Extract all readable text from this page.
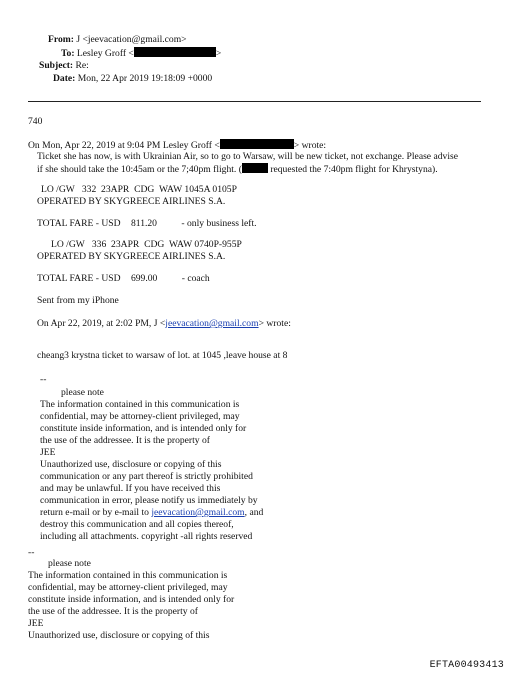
From: J <jeevacation@gmail.com>
To: Lesley Groff <	>
Subject: Re:
Date: Mon, 22 Apr 2019 19:18:09 +0000
740
On Mon, Apr 22, 2019 at 9:04 PM Lesley Groff <	> wrote:
Ticket she has now, is with Ukrainian Air, so to go to Warsaw, will be new ticket, not exchange. Please advise
if she should take the 10:45am or the 7;40pm flight. (	requested the 7:40pm flight for Khrystyna).
LO /GW   332  23APR  CDG  WAW 1045A 0105P
OPERATED BY SKYGREECE AIRLINES S.A.
TOTAL FARE - USD 811.20	- only business left.
LO /GW   336  23APR  CDG  WAW 0740P-955P
OPERATED BY SKYGREECE AIRLINES S.A.
TOTAL FARE - USD 699.00	- coach
Sent from my iPhone
On Apr 22, 2019, at 2:02 PM, J <jeevacation@gmail.com> wrote:
cheang3 krystna ticket to warsaw of lot. at 1045 ,leave house at 8
--
please note
The information contained in this communication is
confidential, may be attorney-client privileged, may
constitute inside information, and is intended only for
the use of the addressee. It is the property of
JEE
Unauthorized use, disclosure or copying of this
communication or any part thereof is strictly prohibited
and may be unlawful. If you have received this
communication in error, please notify us immediately by
return e-mail or by e-mail to jeevacation@gmail.com, and
destroy this communication and all copies thereof,
including all attachments. copyright -all rights reserved
--
please note
The information contained in this communication is
confidential, may be attorney-client privileged, may
constitute inside information, and is intended only for
the use of the addressee. It is the property of
JEE
Unauthorized use, disclosure or copying of this
EFTA00493413
